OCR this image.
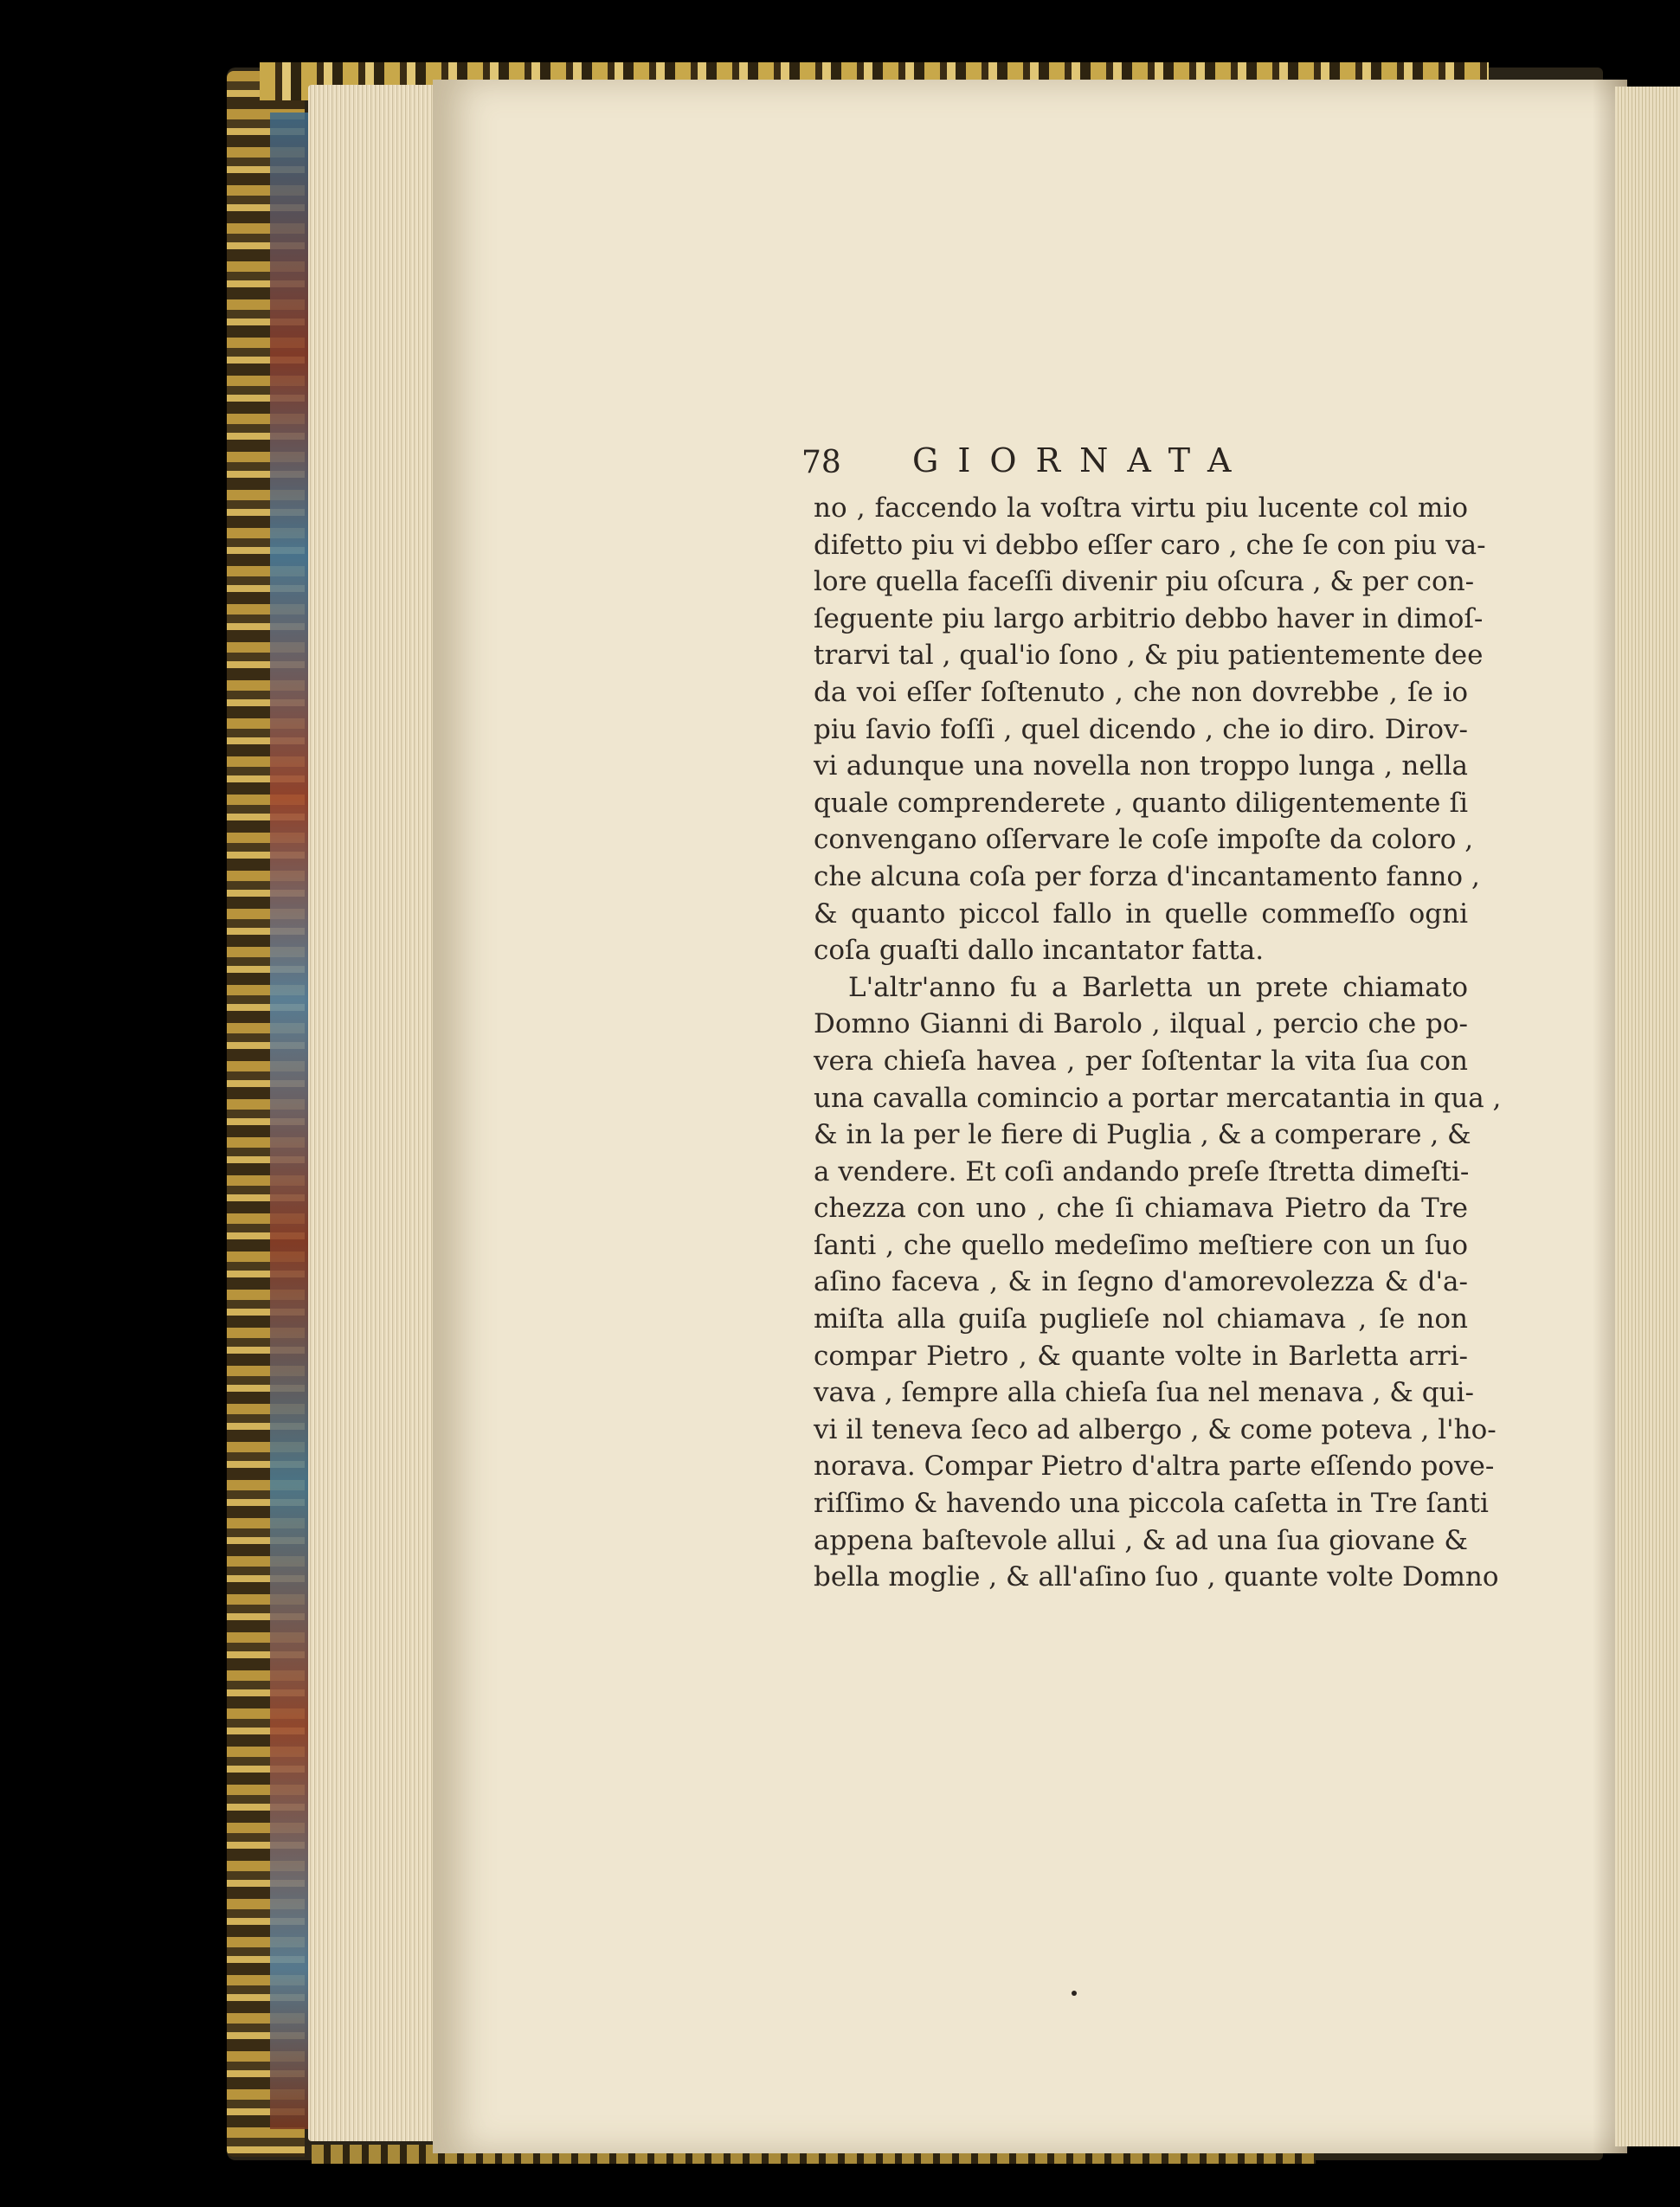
78 GIORNATA
no , faccendo la voſtra virtu piu lucente col mio
difetto piu vi debbo eſſer caro , che ſe con piu va-
lore quella faceſſi divenir piu oſcura , & per con-
ſeguente piu largo arbitrio debbo haver in dimoſ-
trarvi tal , qual'io ſono , & piu patientemente dee
da voi eſſer ſoſtenuto , che non dovrebbe , ſe io
piu ſavio foſſi , quel dicendo , che io diro. Dirov-
vi adunque una novella non troppo lunga , nella
quale comprenderete , quanto diligentemente ſi
convengano oſſervare le coſe impoſte da coloro ,
che alcuna coſa per forza d'incantamento fanno ,
& quanto piccol fallo in quelle commeſſo ogni
coſa guaſti dallo incantator fatta.
L'altr'anno fu a Barletta un prete chiamato
Domno Gianni di Barolo , ilqual , percio che po-
vera chieſa havea , per ſoſtentar la vita ſua con
una cavalla comincio a portar mercatantia in qua ,
& in la per le fiere di Puglia , & a comperare , &
a vendere. Et coſi andando preſe ſtretta dimeſti-
chezza con uno , che ſi chiamava Pietro da Tre
ſanti , che quello medeſimo meſtiere con un ſuo
aſino faceva , & in ſegno d'amorevolezza & d'a-
miſta alla guiſa puglieſe nol chiamava , ſe non
compar Pietro , & quante volte in Barletta arri-
vava , ſempre alla chieſa ſua nel menava , & qui-
vi il teneva ſeco ad albergo , & come poteva , l'ho-
norava. Compar Pietro d'altra parte eſſendo pove-
riſſimo & havendo una piccola caſetta in Tre ſanti
appena baſtevole allui , & ad una ſua giovane &
bella moglie , & all'aſino ſuo , quante volte Domno
